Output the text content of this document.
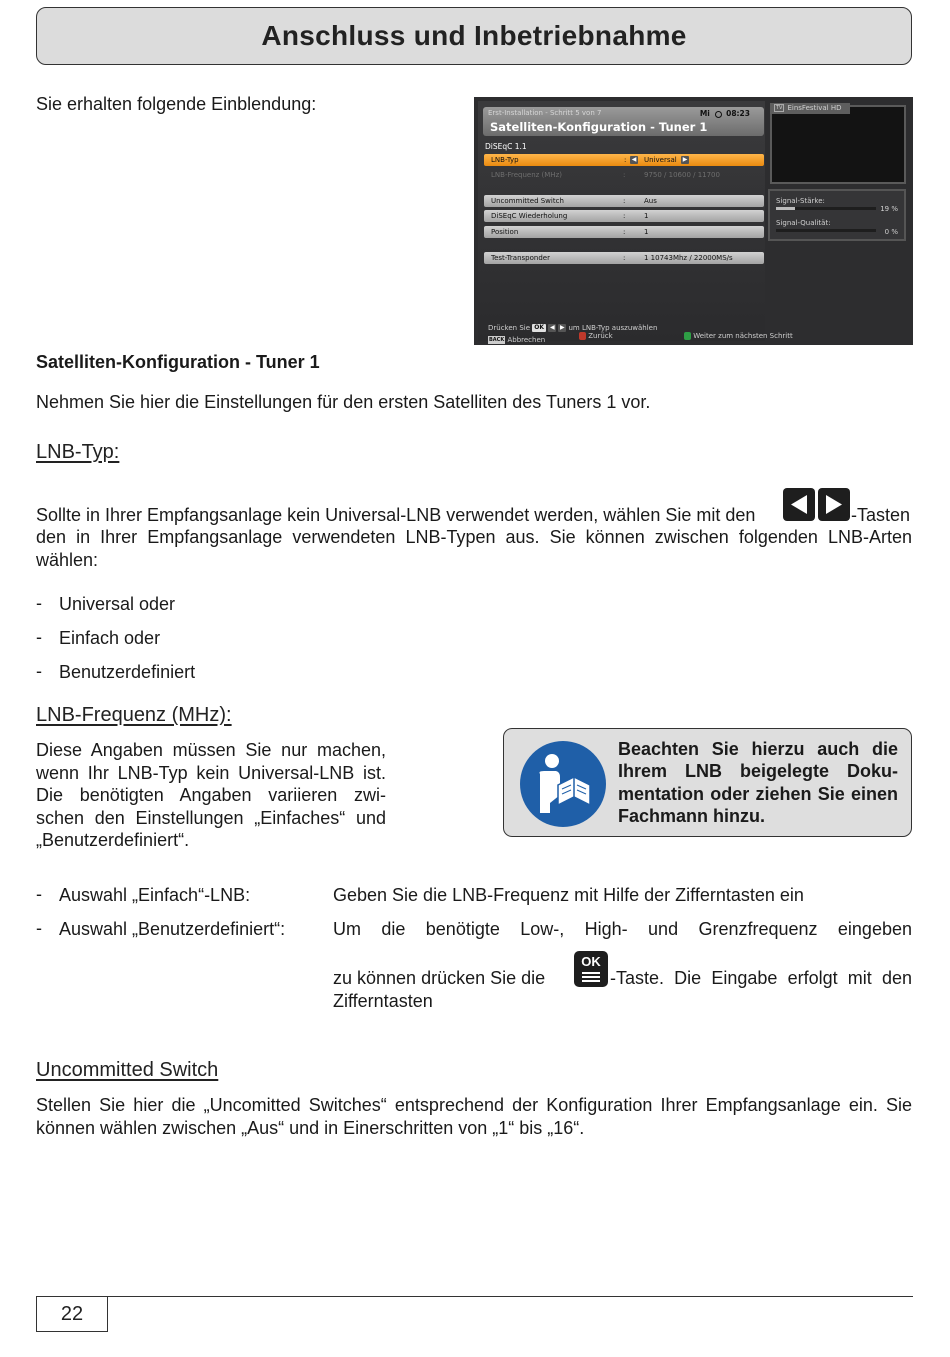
Anschluss und Inbetriebnahme
Sie erhalten folgende Einblendung:	Erst-Installation - Schritt 5 von 7	Mi 08:23
Satelliten-Konfiguration - Tuner 1
DiSEqC 1.1
LNB-Typ	: ◀ Universal ▶
LNB-Frequenz (MHz)	:	9750 / 10600 / 11700
Uncommitted Switch	:	Aus
DiSEqC Wiederholung	:	1
Position	:	1
Test-Transponder	:	1 10743Mhz / 22000MS/s
Drücken Sie OK ◀ ▶ um LNB-Typ auszuwählen
BACK Abbrechen
TV EinsFestival HD
Signal-Stärke:
19 %
Signal-Qualität:
0 %
Zurück	Weiter zum nächsten Schritt
Satelliten-Konfiguration - Tuner 1
Nehmen Sie hier die Einstellungen für den ersten Satelliten des Tuners 1 vor.
LNB-Typ:
Sollte in Ihrer Empfangsanlage kein Universal-LNB verwendet werden, wählen Sie mit den	-Tasten
den in Ihrer Empfangsanlage verwendeten LNB-Typen aus. Sie können zwischen folgenden LNB-Arten wählen:
- Universal oder
- Einfach oder
- Benutzerdefiniert
LNB-Frequenz (MHz):
Diese Angaben müssen Sie nur machen, wenn Ihr LNB-Typ kein Universal-LNB ist. Die benötigten Angaben variieren zwi-schen den Einstellungen „Einfaches“ und „Benutzerdefiniert“.
Beachten Sie hierzu auch die Ihrem LNB beigelegte Doku-mentation oder ziehen Sie einen Fachmann hinzu.
- Auswahl „Einfach“-LNB:	Geben Sie die LNB-Frequenz mit Hilfe der Zifferntasten ein
- Auswahl „Benutzerdefiniert“:	Um die benötigte Low-, High- und Grenzfrequenz eingeben
zu können drücken Sie die
OK
-Taste. Die Eingabe erfolgt mit den
Zifferntasten
Uncommitted Switch
Stellen Sie hier die „Uncomitted Switches“ entsprechend der Konfiguration Ihrer Empfangsanlage ein. Sie können wählen zwischen „Aus“ und in Einerschritten von „1“ bis „16“.
22
